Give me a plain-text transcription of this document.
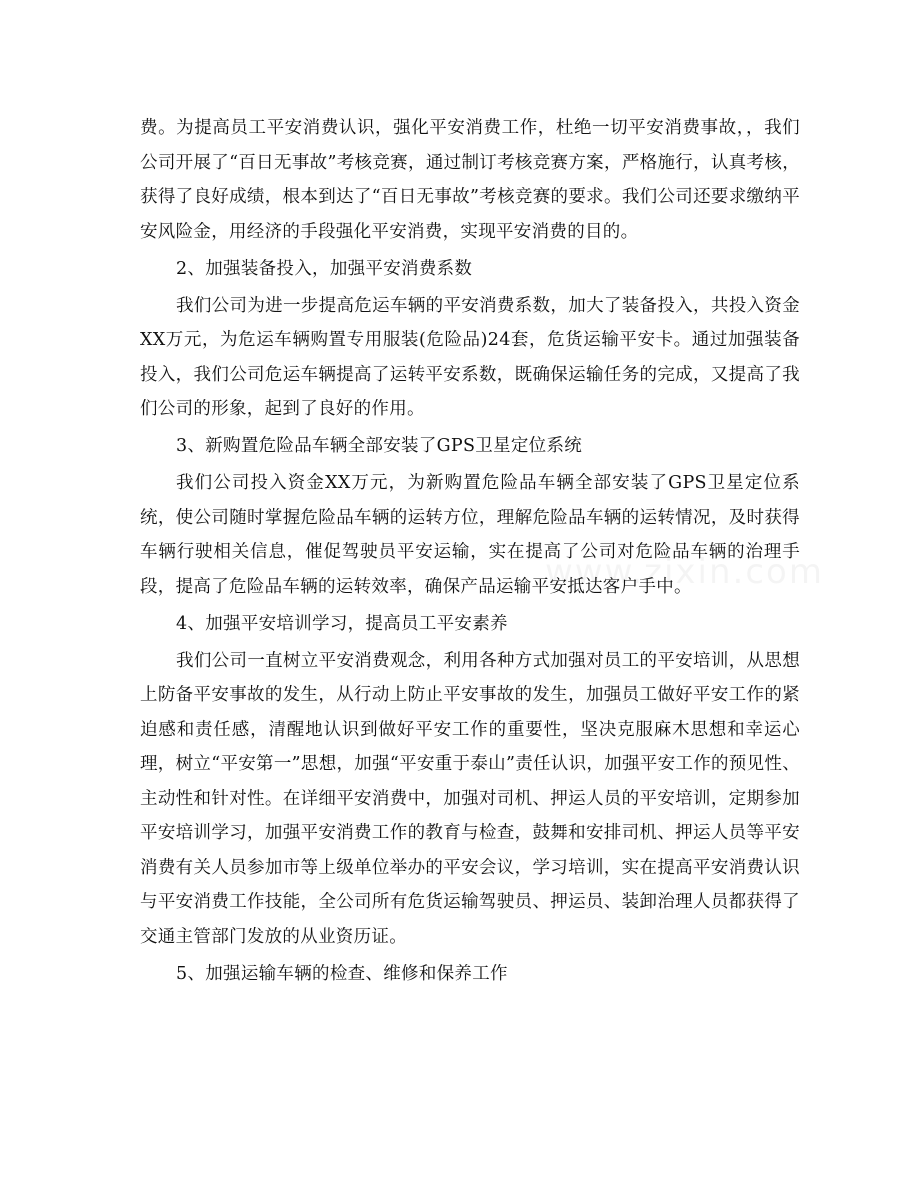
费。为提高员工平安消费认识，强化平安消费工作，杜绝一切平安消费事故，，我们公司开展了“百日无事故”考核竞赛，通过制订考核竞赛方案，严格施行，认真考核，获得了良好成绩，根本到达了“百日无事故”考核竞赛的要求。我们公司还要求缴纳平安风险金，用经济的手段强化平安消费，实现平安消费的目的。

2、加强装备投入，加强平安消费系数

我们公司为进一步提高危运车辆的平安消费系数，加大了装备投入，共投入资金XX万元，为危运车辆购置专用服装(危险品)24套，危货运输平安卡。通过加强装备投入，我们公司危运车辆提高了运转平安系数，既确保运输任务的完成，又提高了我们公司的形象，起到了良好的作用。

3、新购置危险品车辆全部安装了GPS卫星定位系统

我们公司投入资金XX万元，为新购置危险品车辆全部安装了GPS卫星定位系统，使公司随时掌握危险品车辆的运转方位，理解危险品车辆的运转情况，及时获得车辆行驶相关信息，催促驾驶员平安运输，实在提高了公司对危险品车辆的治理手段，提高了危险品车辆的运转效率，确保产品运输平安抵达客户手中。

4、加强平安培训学习，提高员工平安素养

我们公司一直树立平安消费观念，利用各种方式加强对员工的平安培训，从思想上防备平安事故的发生，从行动上防止平安事故的发生，加强员工做好平安工作的紧迫感和责任感，清醒地认识到做好平安工作的重要性，坚决克服麻木思想和幸运心理，树立“平安第一”思想，加强“平安重于泰山”责任认识，加强平安工作的预见性、主动性和针对性。在详细平安消费中，加强对司机、押运人员的平安培训，定期参加平安培训学习，加强平安消费工作的教育与检查，鼓舞和安排司机、押运人员等平安消费有关人员参加市等上级单位举办的平安会议，学习培训，实在提高平安消费认识与平安消费工作技能，全公司所有危货运输驾驶员、押运员、装卸治理人员都获得了交通主管部门发放的从业资历证。

5、加强运输车辆的检查、维修和保养工作
